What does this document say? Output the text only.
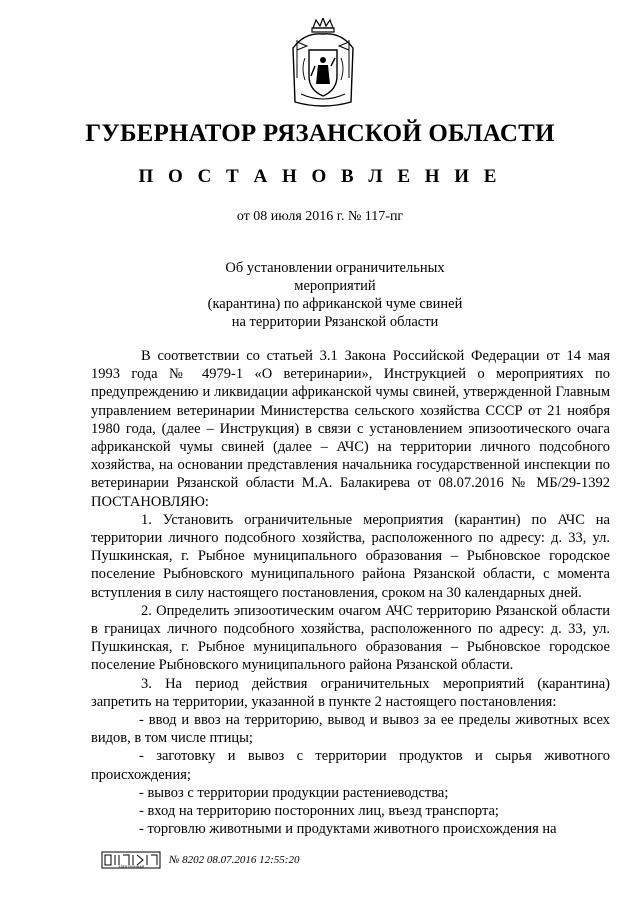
ГУБЕРНАТОР РЯЗАНСКОЙ ОБЛАСТИ
П О С Т А Н О В Л Е Н И Е
от 08 июля 2016 г. № 117-пг
Об установлении ограничительных мероприятий
(карантина) по африканской чуме свиней
на территории Рязанской области

В соответствии со статьей 3.1 Закона Российской Федерации от 14 мая 1993 года № 4979-1 «О ветеринарии», Инструкцией о мероприятиях по предупреждению и ликвидации африканской чумы свиней, утвержденной Главным управлением ветеринарии Министерства сельского хозяйства СССР от 21 ноября 1980 года, (далее – Инструкция) в связи с установлением эпизоотического очага африканской чумы свиней (далее – АЧС) на территории личного подсобного хозяйства, на основании представления начальника государственной инспекции по ветеринарии Рязанской области М.А. Балакирева от 08.07.2016 № МБ/29-1392 ПОСТАНОВЛЯЮ:

1. Установить ограничительные мероприятия (карантин) по АЧС на территории личного подсобного хозяйства, расположенного по адресу: д. 33, ул. Пушкинская, г. Рыбное муниципального образования – Рыбновское городское поселение Рыбновского муниципального района Рязанской области, с момента вступления в силу настоящего постановления, сроком на 30 календарных дней.

2. Определить эпизоотическим очагом АЧС территорию Рязанской области в границах личного подсобного хозяйства, расположенного по адресу: д. 33, ул. Пушкинская, г. Рыбное муниципального образования – Рыбновское городское поселение Рыбновского муниципального района Рязанской области.

3. На период действия ограничительных мероприятий (карантина) запретить на территории, указанной в пункте 2 настоящего постановления:

- ввод и ввоз на территорию, вывод и вывоз за ее пределы животных всех видов, в том числе птицы;

- заготовку и вывоз с территории продуктов и сырья животного происхождения;

- вывоз с территории продукции растениеводства;

- вход на территорию посторонних лиц, въезд транспорта;

- торговлю животными и продуктами животного происхождения на

ЭЛЕКТРОННАЯ
№ 8202 08.07.2016 12:55:20
